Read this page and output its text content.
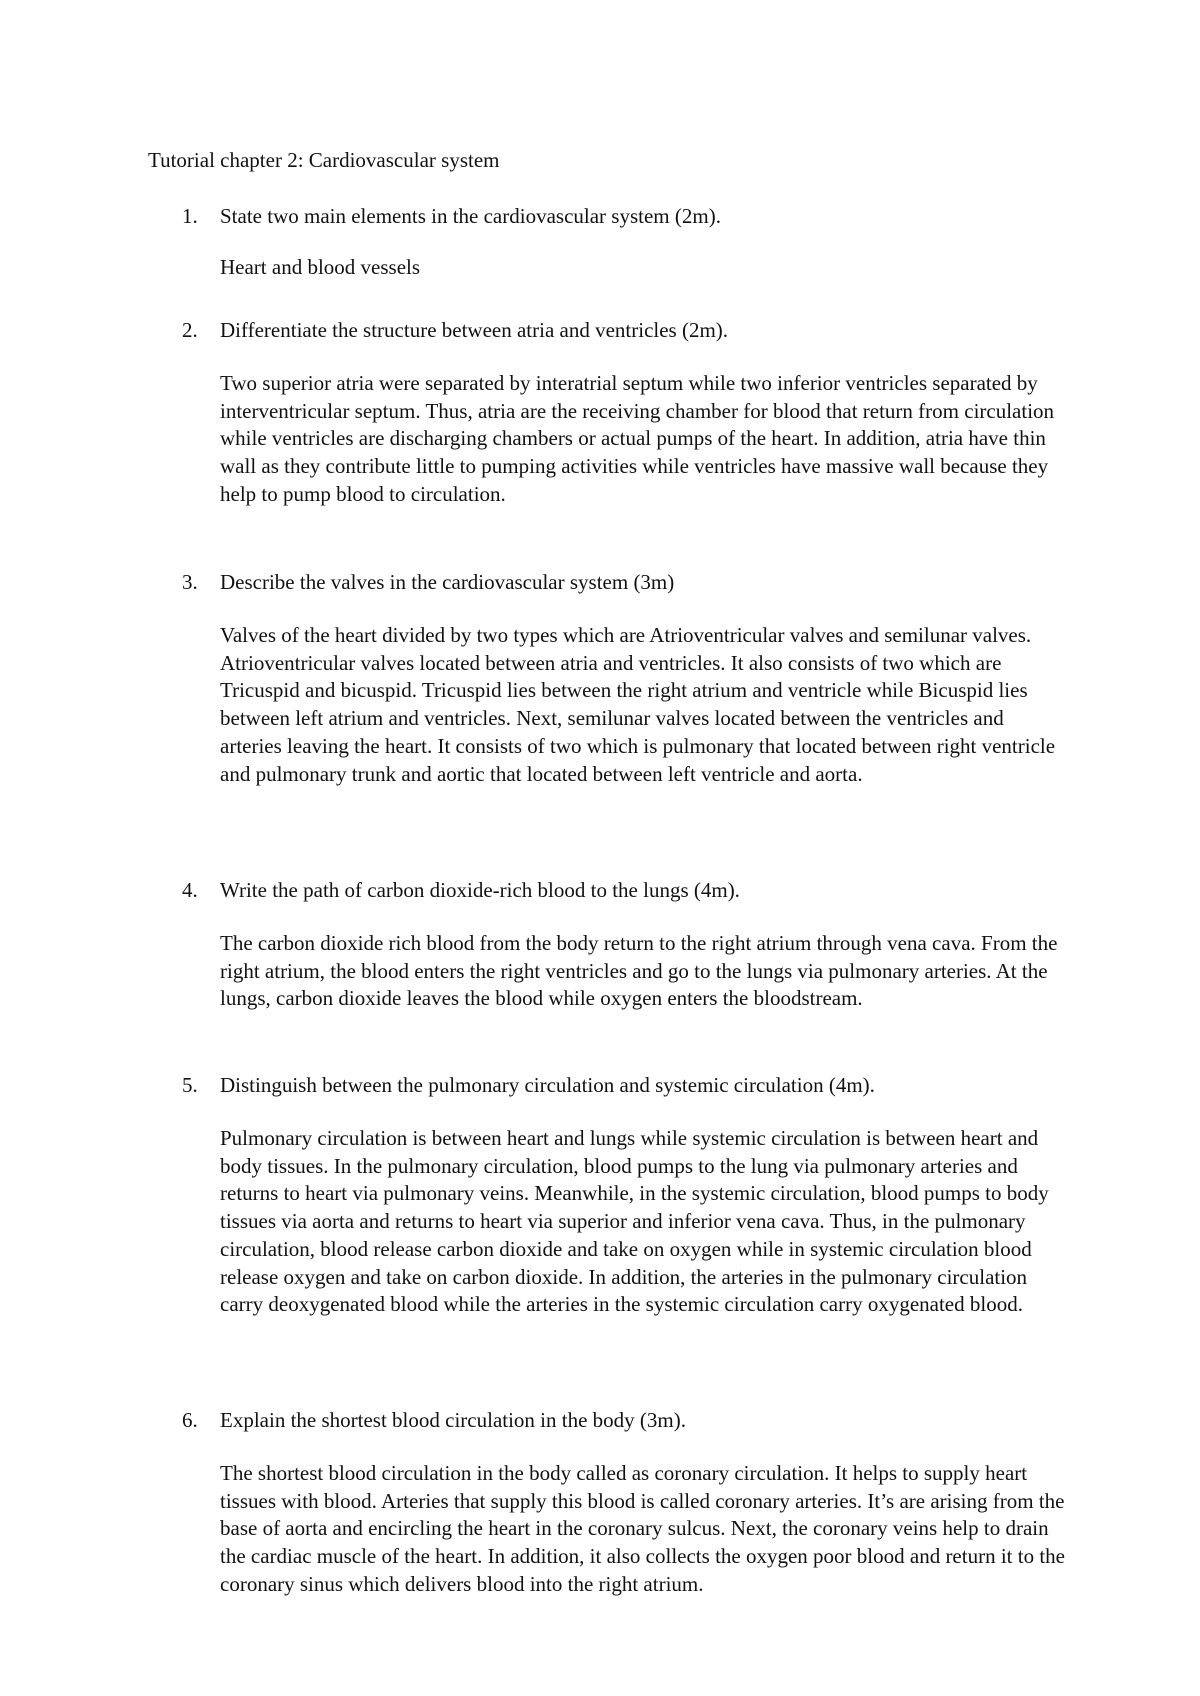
Tutorial chapter 2: Cardiovascular system
1.	State two main elements in the cardiovascular system (2m).

Heart and blood vessels

2.	Differentiate the structure between atria and ventricles (2m).

Two superior atria were separated by interatrial septum while two inferior ventricles separated by interventricular septum. Thus, atria are the receiving chamber for blood that return from circulation while ventricles are discharging chambers or actual pumps of the heart. In addition, atria have thin wall as they contribute little to pumping activities while ventricles have massive wall because they help to pump blood to circulation.

3.	Describe the valves in the cardiovascular system (3m)

Valves of the heart divided by two types which are Atrioventricular valves and semilunar valves. Atrioventricular valves located between atria and ventricles. It also consists of two which are Tricuspid and bicuspid. Tricuspid lies between the right atrium and ventricle while Bicuspid lies between left atrium and ventricles. Next, semilunar valves located between the ventricles and arteries leaving the heart. It consists of two which is pulmonary that located between right ventricle and pulmonary trunk and aortic that located between left ventricle and aorta.

4.	Write the path of carbon dioxide-rich blood to the lungs (4m).

The carbon dioxide rich blood from the body return to the right atrium through vena cava. From the right atrium, the blood enters the right ventricles and go to the lungs via pulmonary arteries. At the lungs, carbon dioxide leaves the blood while oxygen enters the bloodstream.

5.	Distinguish between the pulmonary circulation and systemic circulation (4m).

Pulmonary circulation is between heart and lungs while systemic circulation is between heart and body tissues. In the pulmonary circulation, blood pumps to the lung via pulmonary arteries and returns to heart via pulmonary veins. Meanwhile, in the systemic circulation, blood pumps to body tissues via aorta and returns to heart via superior and inferior vena cava. Thus, in the pulmonary circulation, blood release carbon dioxide and take on oxygen while in systemic circulation blood release oxygen and take on carbon dioxide. In addition, the arteries in the pulmonary circulation carry deoxygenated blood while the arteries in the systemic circulation carry oxygenated blood.

6.	Explain the shortest blood circulation in the body (3m).

The shortest blood circulation in the body called as coronary circulation. It helps to supply heart tissues with blood. Arteries that supply this blood is called coronary arteries. It’s are arising from the base of aorta and encircling the heart in the coronary sulcus. Next, the coronary veins help to drain the cardiac muscle of the heart. In addition, it also collects the oxygen poor blood and return it to the coronary sinus which delivers blood into the right atrium.
